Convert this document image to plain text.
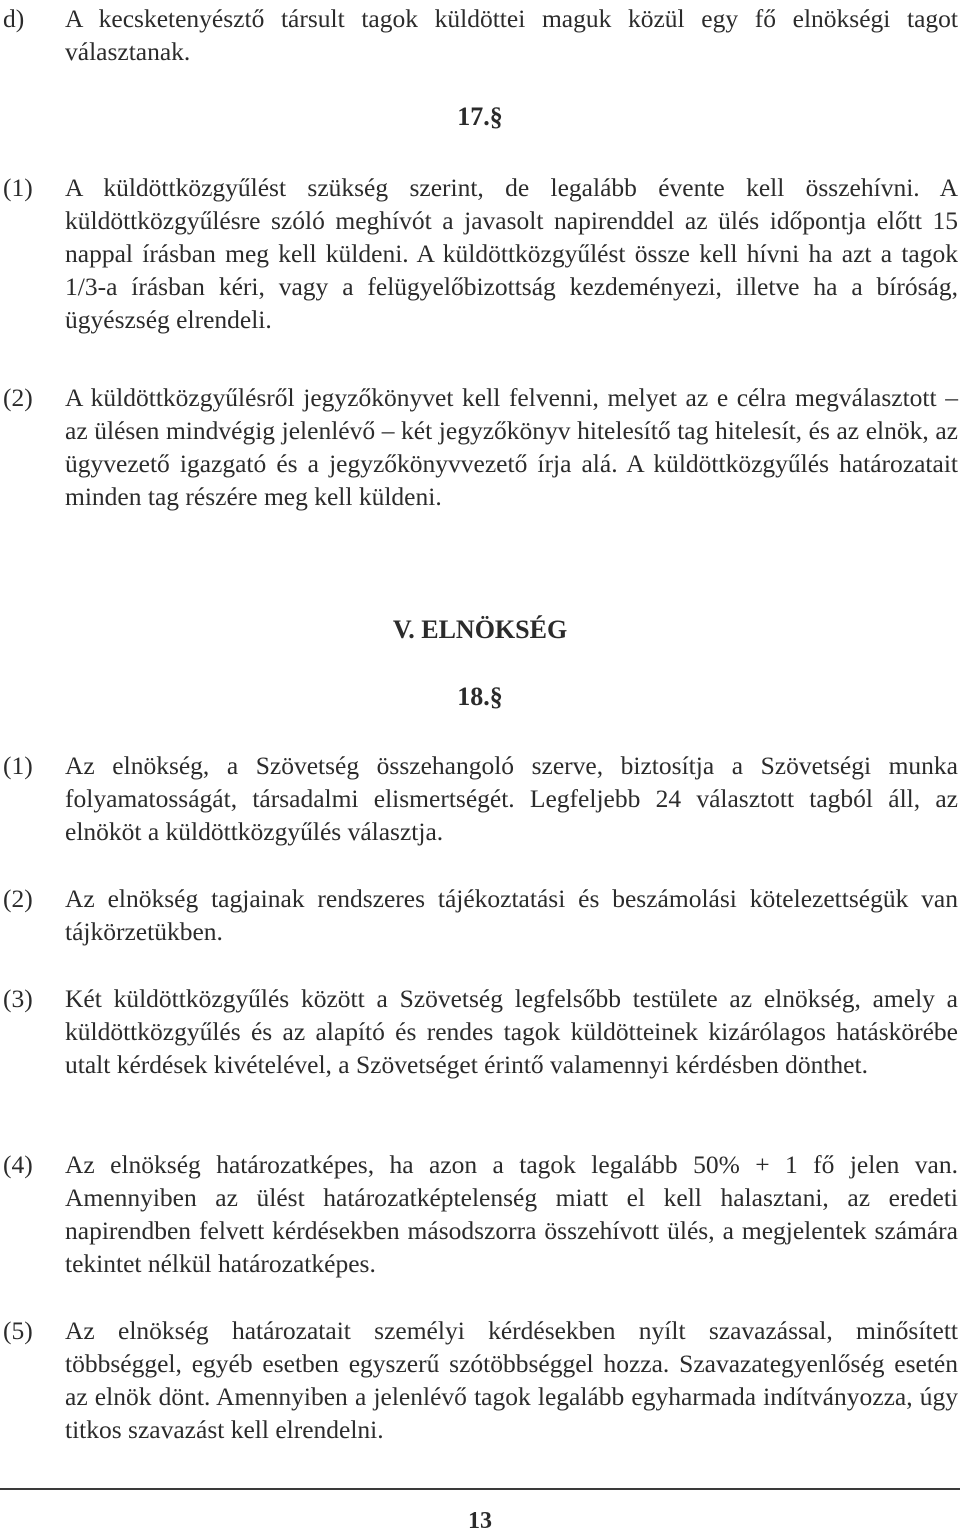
d) A kecsketenyésztő társult tagok küldöttei maguk közül egy fő elnökségi tagot választanak.
17.§
(1) A küldöttközgyűlést szükség szerint, de legalább évente kell összehívni. A küldöttközgyűlésre szóló meghívót a javasolt napirenddel az ülés időpontja előtt 15 nappal írásban meg kell küldeni. A küldöttközgyűlést össze kell hívni ha azt a tagok 1/3-a írásban kéri, vagy a felügyelőbizottság kezdeményezi, illetve ha a bíróság, ügyészség elrendeli.
(2) A küldöttközgyűlésről jegyzőkönyvet kell felvenni, melyet az e célra megválasztott – az ülésen mindvégig jelenlévő – két jegyzőkönyv hitelesítő tag hitelesít, és az elnök, az ügyvezető igazgató és a jegyzőkönyvvezető írja alá. A küldöttközgyűlés határozatait minden tag részére meg kell küldeni.
V. ELNÖKSÉG
18.§
(1) Az elnökség, a Szövetség összehangoló szerve, biztosítja a Szövetségi munka folyamatosságát, társadalmi elismertségét. Legfeljebb 24 választott tagból áll, az elnököt a küldöttközgyűlés választja.
(2) Az elnökség tagjainak rendszeres tájékoztatási és beszámolási kötelezettségük van tájkörzetükben.
(3) Két küldöttközgyűlés között a Szövetség legfelsőbb testülete az elnökség, amely a küldöttközgyűlés és az alapító és rendes tagok küldötteinek kizárólagos hatáskörébe utalt kérdések kivételével, a Szövetséget érintő valamennyi kérdésben dönthet.
(4) Az elnökség határozatképes, ha azon a tagok legalább 50% + 1 fő jelen van. Amennyiben az ülést határozatképtelenség miatt el kell halasztani, az eredeti napirendben felvett kérdésekben másodszorra összehívott ülés, a megjelentek számára tekintet nélkül határozatképes.
(5) Az elnökség határozatait személyi kérdésekben nyílt szavazással, minősített többséggel, egyéb esetben egyszerű szótöbbséggel hozza. Szavazategyenlőség esetén az elnök dönt. Amennyiben a jelenlévő tagok legalább egyharmada indítványozza, úgy titkos szavazást kell elrendelni.
13
